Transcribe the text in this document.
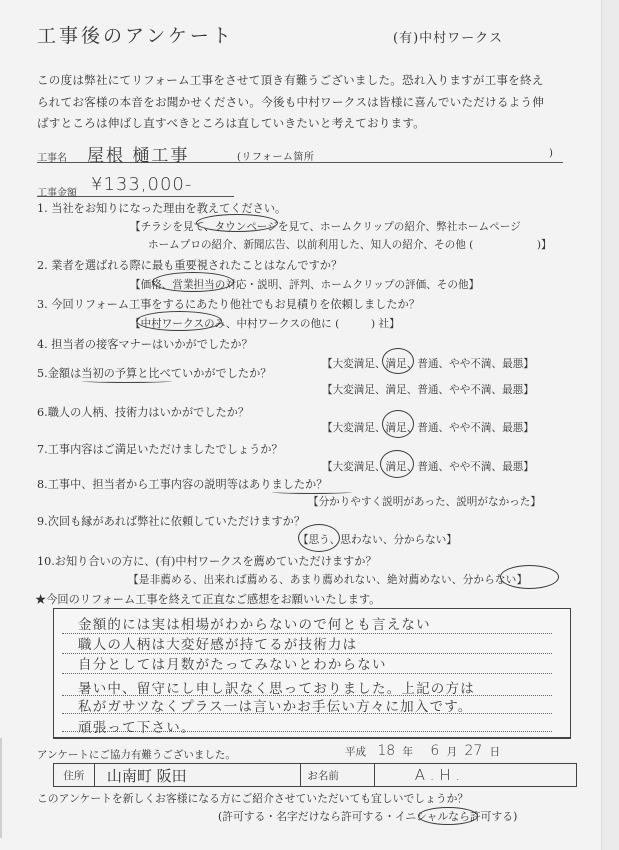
工事後のアンケート	(有)中村ワークス
この度は弊社にてリフォーム工事をさせて頂き有難うございました。恐れ入りますが工事を終え
られてお客様の本音をお聞かせください。今後も中村ワークスは皆様に喜んでいただけるよう伸
ばすところは伸ばし直すべきところは直していきたいと考えております。
工事名 屋根 樋工事	(リフォーム箇所	)
工事金額 ¥133,000-
1. 当社をお知りになった理由を教えてください。
【チラシを見て、タウンページを見て、ホームクリップの紹介、弊社ホームページ
ホームプロの紹介、新聞広告、以前利用した、知人の紹介、その他 (　　　　　　)】
2. 業者を選ばれる際に最も重要視されたことはなんですか？
【価格、営業担当の対応・説明、評判、ホームクリップの評価、その他】
3. 今回リフォーム工事をするにあたり他社でもお見積りを依頼しましたか？
【中村ワークスのみ、中村ワークスの他に (　　　) 社】
4. 担当者の接客マナーはいかがでしたか？
【大変満足、満足、普通、やや不満、最悪】
5.金額は当初の予算と比べていかがでしたか？
【大変満足、満足、普通、やや不満、最悪】
6.職人の人柄、技術力はいかがでしたか？
【大変満足、満足、普通、やや不満、最悪】
7.工事内容はご満足いただけましたでしょうか？
【大変満足、満足、普通、やや不満、最悪】
8.工事中、担当者から工事内容の説明等はありましたか？
【分かりやすく説明があった、説明がなかった】
9.次回も縁があれば弊社に依頼していただけますか？
【思う、思わない、分からない】
10.お知り合いの方に、(有)中村ワークスを薦めていただけますか？
【是非薦める、出来れば薦める、あまり薦めれない、絶対薦めない、分からない】
★今回のリフォーム工事を終えて正直なご感想をお願いいたします。
金額的には実は相場がわからないので何とも言えない
職人の人柄は大変好感が持てるが技術力は
自分としては月数がたってみないとわからない
暑い中、留守にし申し訳なく思っておりました。上記の方は
私がガサツなくプラス一は言いかお手伝い方々に加入です。
頑張って下さい。
アンケートにご協力有難うございました。	平成 18 年 6 月 27 日
住所	山南町 阪田	お名前	A . H .
このアンケートを新しくお客様になる方にご紹介させていただいても宜しいでしょうか？
(許可する・名字だけなら許可する・イニシャルなら許可する)
